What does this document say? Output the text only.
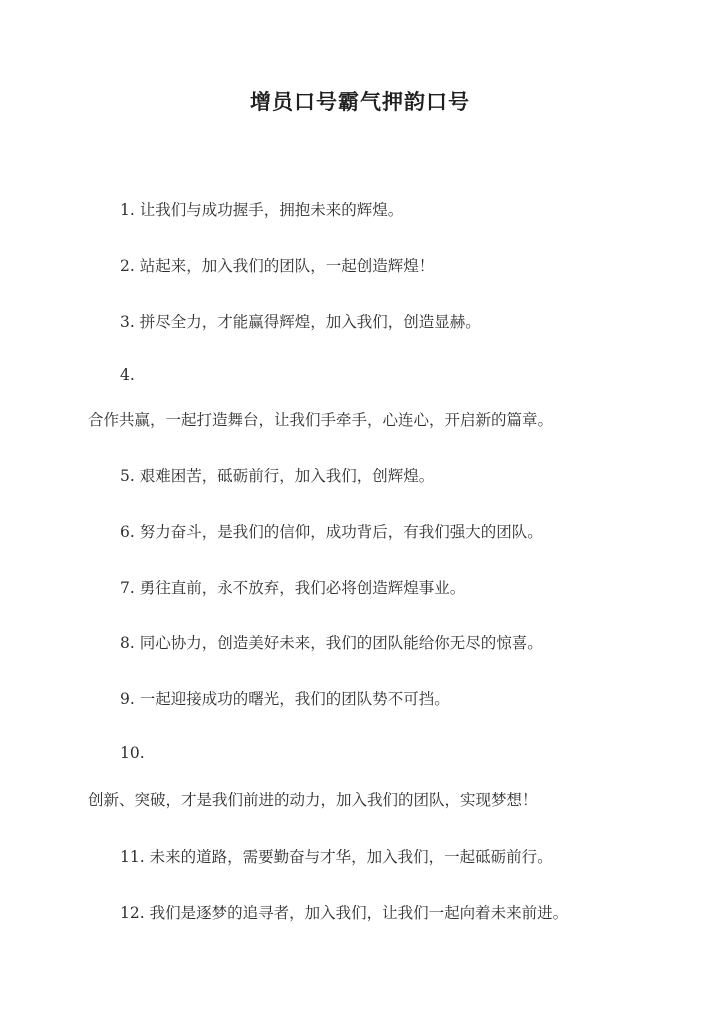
增员口号霸气押韵口号
1. 让我们与成功握手，拥抱未来的辉煌。
2. 站起来，加入我们的团队，一起创造辉煌！
3. 拼尽全力，才能赢得辉煌，加入我们，创造显赫。
4.
合作共赢，一起打造舞台，让我们手牵手，心连心，开启新的篇章。
5. 艰难困苦，砥砺前行，加入我们，创辉煌。
6. 努力奋斗，是我们的信仰，成功背后，有我们强大的团队。
7. 勇往直前，永不放弃，我们必将创造辉煌事业。
8. 同心协力，创造美好未来，我们的团队能给你无尽的惊喜。
9. 一起迎接成功的曙光，我们的团队势不可挡。
10.
创新、突破，才是我们前进的动力，加入我们的团队，实现梦想！
11. 未来的道路，需要勤奋与才华，加入我们，一起砥砺前行。
12. 我们是逐梦的追寻者，加入我们，让我们一起向着未来前进。
